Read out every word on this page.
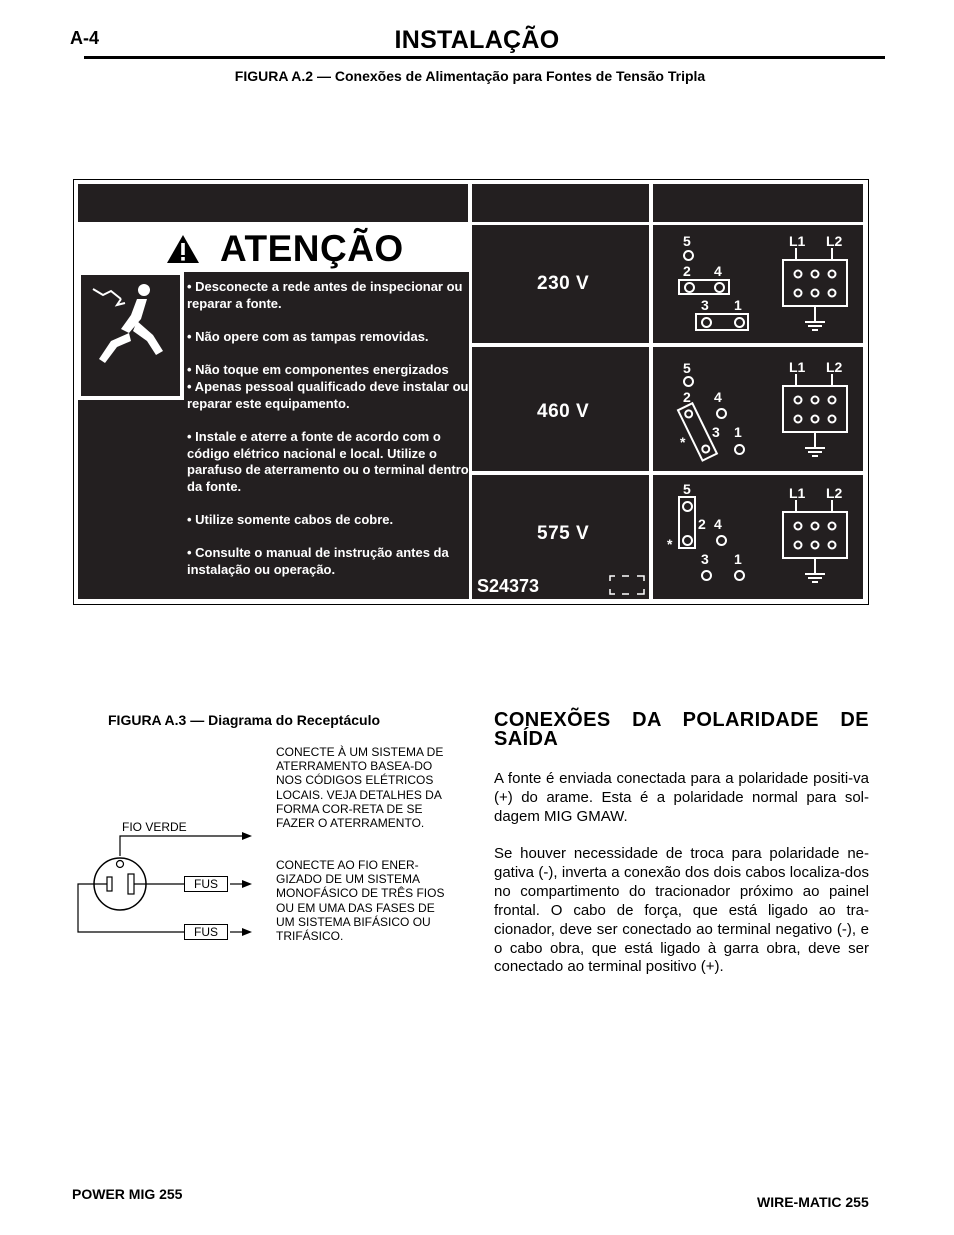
A-4	INSTALAÇÃO
FIGURA A.2 — Conexões de Alimentação para Fontes de Tensão Tripla
ATENÇÃO
• Desconecte a rede antes de inspecionar ou reparar a fonte.
• Não opere com as tampas removidas.
• Não toque em componentes energizados
• Apenas pessoal qualificado deve instalar ou reparar este equipamento.
• Instale e aterre a fonte de acordo com o código elétrico nacional e local. Utilize o parafuso de aterramento ou o terminal dentro da fonte.
• Utilize somente cabos de cobre.
• Consulte o manual de instrução antes da instalação ou operação.
230 V
460 V
575 V
S24373
5
2 4
3 1
L1 L2
5
2 4
*
3 1
L1 L2
5
2 4
*
3 1
L1 L2
FIGURA A.3 — Diagrama do Receptáculo
CONECTE À UM SISTEMA DE ATERRAMENTO BASEA-DO NOS CÓDIGOS ELÉTRICOS LOCAIS. VEJA DETALHES DA FORMA COR-RETA DE SE FAZER O ATERRAMENTO.
CONECTE AO FIO ENER-GIZADO DE UM SISTEMA MONOFÁSICO DE TRÊS FIOS OU EM UMA DAS FASES DE UM SISTEMA BIFÁSICO OU TRIFÁSICO.
FIO VERDE
FUS
FUS
CONEXÕES DA POLARIDADE DE
SAÍDA
A fonte é enviada conectada para a polaridade positi-va (+) do arame. Esta é a polaridade normal para sol-dagem MIG GMAW.
Se houver necessidade de troca para polaridade ne-gativa (-), inverta a conexão dos dois cabos localiza-dos no compartimento do tracionador próximo ao painel frontal. O cabo de força, que está ligado ao tra-cionador, deve ser conectado ao terminal negativo (-), e o cabo obra, que está ligado à garra obra, deve ser conectado ao terminal positivo (+).
POWER MIG 255	WIRE-MATIC 255
